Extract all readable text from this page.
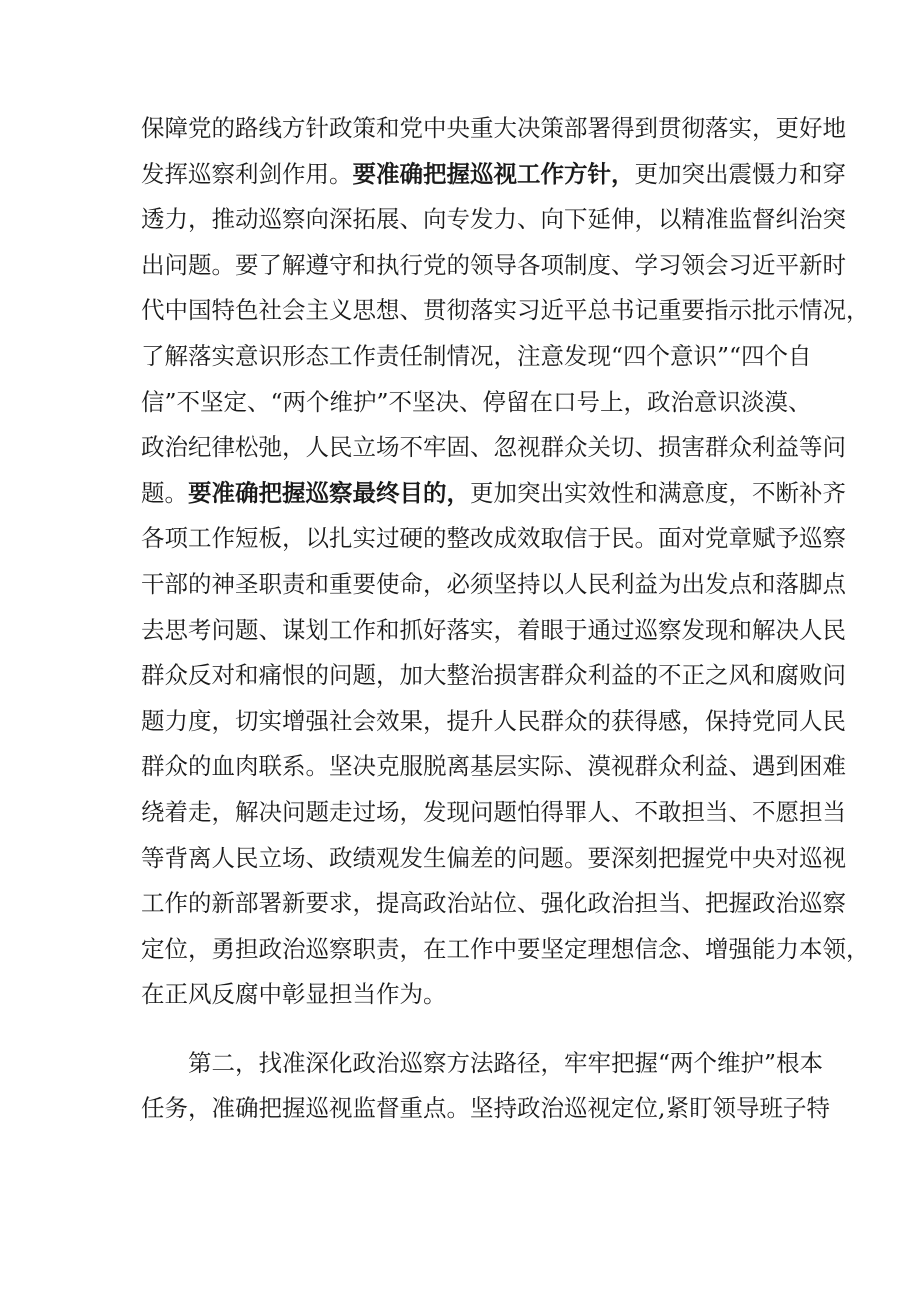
保障党的路线方针政策和党中央重大决策部署得到贯彻落实，更好地
发挥巡察利剑作用。要准确把握巡视工作方针，更加突出震慑力和穿
透力，推动巡察向深拓展、向专发力、向下延伸，以精准监督纠治突
出问题。要了解遵守和执行党的领导各项制度、学习领会习近平新时
代中国特色社会主义思想、贯彻落实习近平总书记重要指示批示情况，
了解落实意识形态工作责任制情况，注意发现“四个意识”“四个自
信”不坚定、“两个维护”不坚决、停留在口号上，政治意识淡漠、
政治纪律松弛，人民立场不牢固、忽视群众关切、损害群众利益等问
题。要准确把握巡察最终目的，更加突出实效性和满意度，不断补齐
各项工作短板，以扎实过硬的整改成效取信于民。面对党章赋予巡察
干部的神圣职责和重要使命，必须坚持以人民利益为出发点和落脚点
去思考问题、谋划工作和抓好落实，着眼于通过巡察发现和解决人民
群众反对和痛恨的问题，加大整治损害群众利益的不正之风和腐败问
题力度，切实增强社会效果，提升人民群众的获得感，保持党同人民
群众的血肉联系。坚决克服脱离基层实际、漠视群众利益、遇到困难
绕着走，解决问题走过场，发现问题怕得罪人、不敢担当、不愿担当
等背离人民立场、政绩观发生偏差的问题。要深刻把握党中央对巡视
工作的新部署新要求，提高政治站位、强化政治担当、把握政治巡察
定位，勇担政治巡察职责，在工作中要坚定理想信念、增强能力本领，
在正风反腐中彰显担当作为。
第二，找准深化政治巡察方法路径，牢牢把握“两个维护”根本
任务，准确把握巡视监督重点。坚持政治巡视定位,紧盯领导班子特
